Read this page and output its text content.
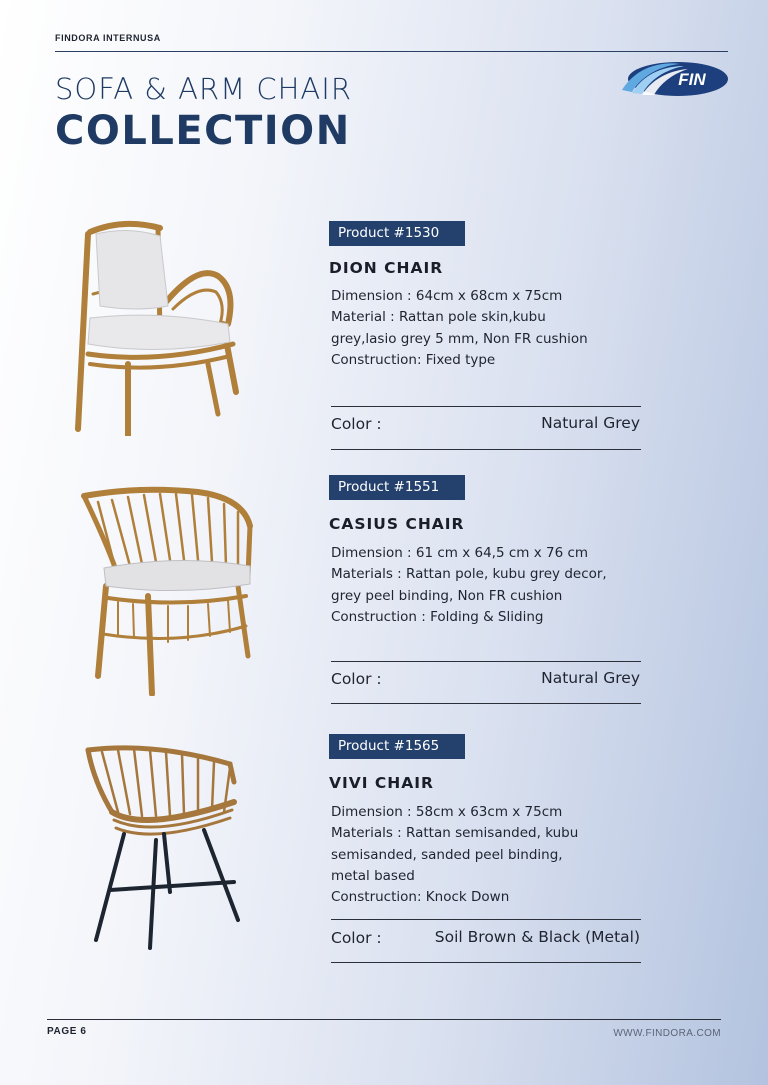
FINDORA INTERNUSA
SOFA & ARM CHAIR
COLLECTION
FIN
Product #1530
DION CHAIR
Dimension : 64cm x 68cm x 75cm
Material : Rattan pole skin,kubu
grey,lasio grey 5 mm, Non FR cushion
Construction: Fixed type
Color :	Natural Grey
Product #1551
CASIUS CHAIR
Dimension : 61 cm x 64,5 cm x 76 cm
Materials : Rattan pole, kubu grey decor,
grey peel binding, Non FR cushion
Construction : Folding & Sliding
Color :	Natural Grey
Product #1565
VIVI CHAIR
Dimension : 58cm x 63cm x 75cm
Materials : Rattan semisanded, kubu
semisanded, sanded peel binding,
metal based
Construction: Knock Down
Color :	Soil Brown & Black (Metal)
PAGE 6	WWW.FINDORA.COM
